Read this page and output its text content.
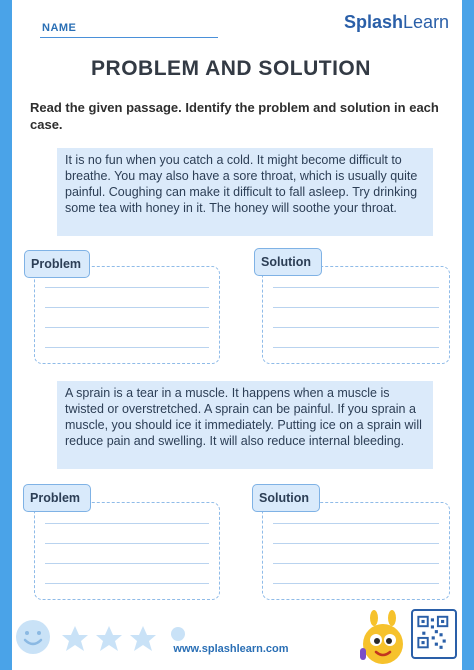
NAME	SplashLearn
PROBLEM AND SOLUTION
Read the given passage. Identify the problem and solution in each case.
It is no fun when you catch a cold. It might become difficult to breathe. You may also have a sore throat, which is usually quite painful. Coughing can make it difficult to fall asleep. Try drinking some tea with honey in it. The honey will soothe your throat.
Problem	Solution
A sprain is a tear in a muscle. It happens when a muscle is twisted or overstretched. A sprain can be painful. If you sprain a muscle, you should ice it immediately. Putting ice on a sprain will reduce pain and swelling. It will also reduce internal bleeding.
Problem	Solution
www.splashlearn.com
